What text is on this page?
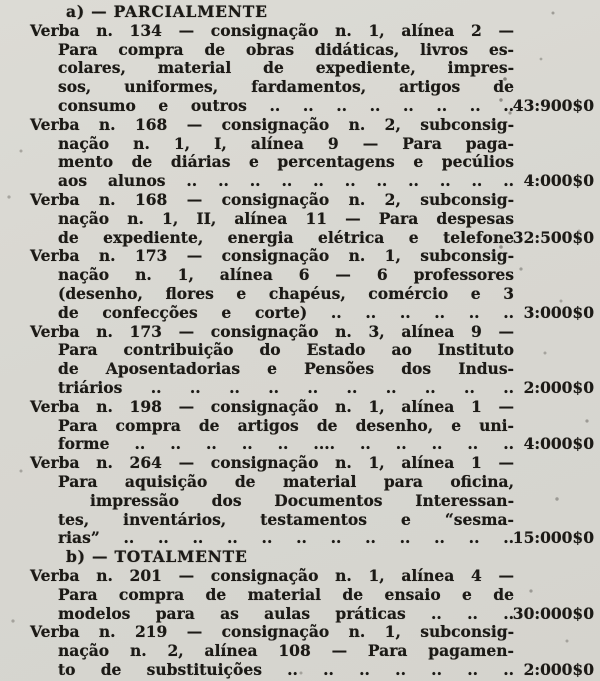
a) — PARCIALMENTE
Verba n. 134 — consignação n. 1, alínea 2 —
Para compra de obras didáticas, livros es-
colares, material de expediente, impres-
sos, uniformes, fardamentos, artigos de
consumo e outros .. .. .. .. .. .. .. ..
43:900$0
Verba n. 168 — consignação n. 2, subconsig-
nação n. 1, I, alínea 9 — Para paga-
mento de diárias e percentagens e pecúlios
aos alunos .. .. .. .. .. .. .. .. .. .. .. 4:000$0
Verba n. 168 — consignação n. 2, subconsig-
nação n. 1, II, alínea 11 — Para despesas
de expediente, energia elétrica e telefone
32:500$0
Verba n. 173 — consignação n. 1, subconsig-
nação n. 1, alínea 6 — 6 professores
(desenho, flores e chapéus, comércio e 3
de confecções e corte) .. .. .. .. .. .. 3:000$0
Verba n. 173 — consignação n. 3, alínea 9 —
Para contribuição do Estado ao Instituto
de Aposentadorias e Pensões dos Indus-
triários .. .. .. .. .. .. .. .. .. .. 2:000$0
Verba n. 198 — consignação n. 1, alínea 1 —
Para compra de artigos de desenho, e uni-
forme .. .. .. .. .. .... .. .. .. .. .. 4:000$0
Verba n. 264 — consignação n. 1, alínea 1 —
Para aquisição de material para oficina,
impressão dos Documentos Interessan-
tes, inventários, testamentos e “sesma-
rias” .. .. .. .. .. .. .. .. .. .. .. ..
15:000$0
b) — TOTALMENTE
Verba n. 201 — consignação n. 1, alínea 4 —
Para compra de material de ensaio e de
modelos para as aulas práticas .. .. ..
30:000$0
Verba n. 219 — consignação n. 1, subconsig-
nação n. 2, alínea 108 — Para pagamen-
to de substituições .. .. .. .. .. .. .. 2:000$0
